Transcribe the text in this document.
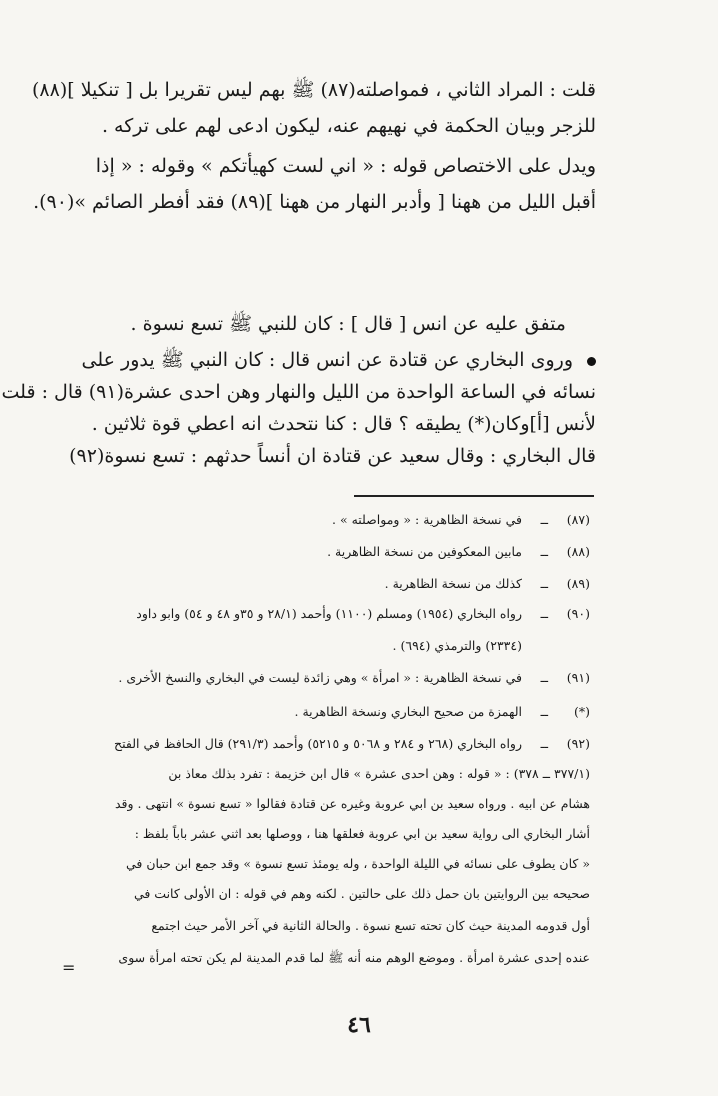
قلت : المراد الثاني ، فمواصلته(٨٧) ﷺ بهم ليس تقريرا بل [ تنكيلا ](٨٨)

للزجر وبيان الحكمة في نهيهم عنه، ليكون ادعى لهم على تركه .

ويدل على الاختصاص قوله : « اني لست كهيأتكم » وقوله : « إذا

أقبل الليل من ههنا [ وأدبر النهار من ههنا ](٨٩) فقد أفطر الصائم »(٩٠).

متفق عليه عن انس [ قال ] : كان للنبي ﷺ تسع نسوة .

وروى البخاري عن قتادة عن انس قال : كان النبي ﷺ يدور على

نسائه في الساعة الواحدة من الليل والنهار وهن احدى عشرة(٩١) قال : قلت

لأنس [أ]وكان(*) يطيقه ؟ قال : كنا نتحدث انه اعطي قوة ثلاثين .

قال البخاري : وقال سعيد عن قتادة ان أنساً حدثهم : تسع نسوة(٩٢)

(٨٧)
ــ
في نسخة الظاهرية : « ومواصلته » .
(٨٨)
ــ
مابين المعكوفين من نسخة الظاهرية .
(٨٩)
ــ
كذلك من نسخة الظاهرية .
(٩٠)
ــ
رواه البخاري (١٩٥٤) ومسلم (١١٠٠) وأحمد (٢٨/١ و ٣٥و ٤٨ و ٥٤) وابو داود
(٢٣٣٤) والترمذي (٦٩٤) .
(٩١)
ــ
في نسخة الظاهرية : « امرأة » وهي زائدة ليست في البخاري والنسخ الأخرى .
(*)
ــ
الهمزة من صحيح البخاري ونسخة الظاهرية .
(٩٢)
ــ
رواه البخاري (٢٦٨ و ٢٨٤ و ٥٠٦٨ و ٥٢١٥) وأحمد (٢٩١/٣) قال الحافظ في الفتح
(٣٧٧/١ ــ ٣٧٨) : « قوله : وهن احدى عشرة » قال ابن خزيمة : تفرد بذلك معاذ بن
هشام عن ابيه . ورواه سعيد بن ابي عروبة وغيره عن قتادة فقالوا « تسع نسوة » انتهى . وقد
أشار البخاري الى رواية سعيد بن ابي عروبة فعلقها هنا ، ووصلها بعد اثني عشر باباً بلفظ :
« كان يطوف على نسائه في الليلة الواحدة ، وله يومئذ تسع نسوة » وقد جمع ابن حبان في
صحيحه بين الروايتين بان حمل ذلك على حالتين . لكنه وهم في قوله : ان الأولى كانت في
أول قدومه المدينة حيث كان تحته تسع نسوة . والحالة الثانية في آخر الأمر حيث اجتمع
عنده إحدى عشرة امرأة . وموضع الوهم منه أنه ﷺ لما قدم المدينة لم يكن تحته امرأة سوى
=
٤٦
